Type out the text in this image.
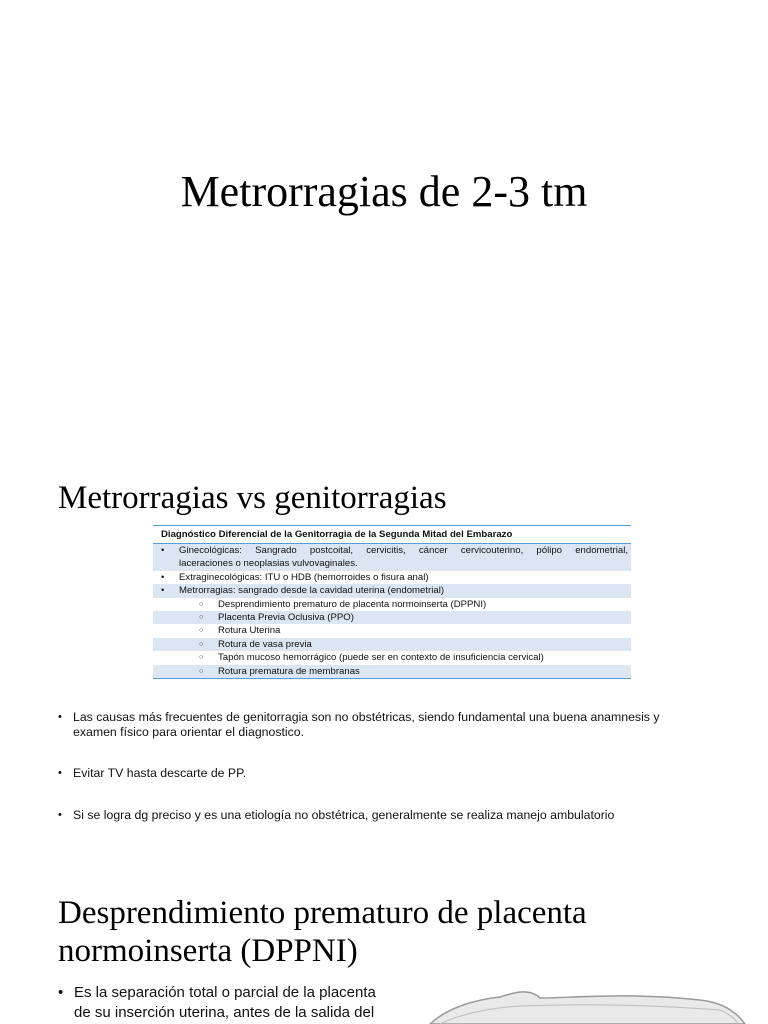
Metrorragias de 2-3 tm
Metrorragias vs genitorragias
Diagnóstico Diferencial de la Genitorragia de la Segunda Mitad del Embarazo
• Ginecológicas: Sangrado postcoital, cervicitis, cáncer cervicouterino, pólipo endometrial,
laceraciones o neoplasias vulvovaginales.
• Extraginecológicas: ITU o HDB (hemorroides o fisura anal)
• Metrorragias: sangrado desde la cavidad uterina (endometrial)
○ Desprendimiento prematuro de placenta normoinserta (DPPNI)
○ Placenta Previa Oclusiva (PPO)
○ Rotura Uterina
○ Rotura de vasa previa
○ Tapón mucoso hemorrágico (puede ser en contexto de insuficiencia cervical)
○ Rotura prematura de membranas
• Las causas más frecuentes de genitorragia son no obstétricas, siendo fundamental una buena anamnesis y examen físico para orientar el diagnostico.
• Evitar TV hasta descarte de PP.
• Si se logra dg preciso y es una etiología no obstétrica, generalmente se realiza manejo ambulatorio
Desprendimiento prematuro de placenta normoinserta (DPPNI)
• Es la separación total o parcial de la placenta de su inserción uterina, antes de la salida del
